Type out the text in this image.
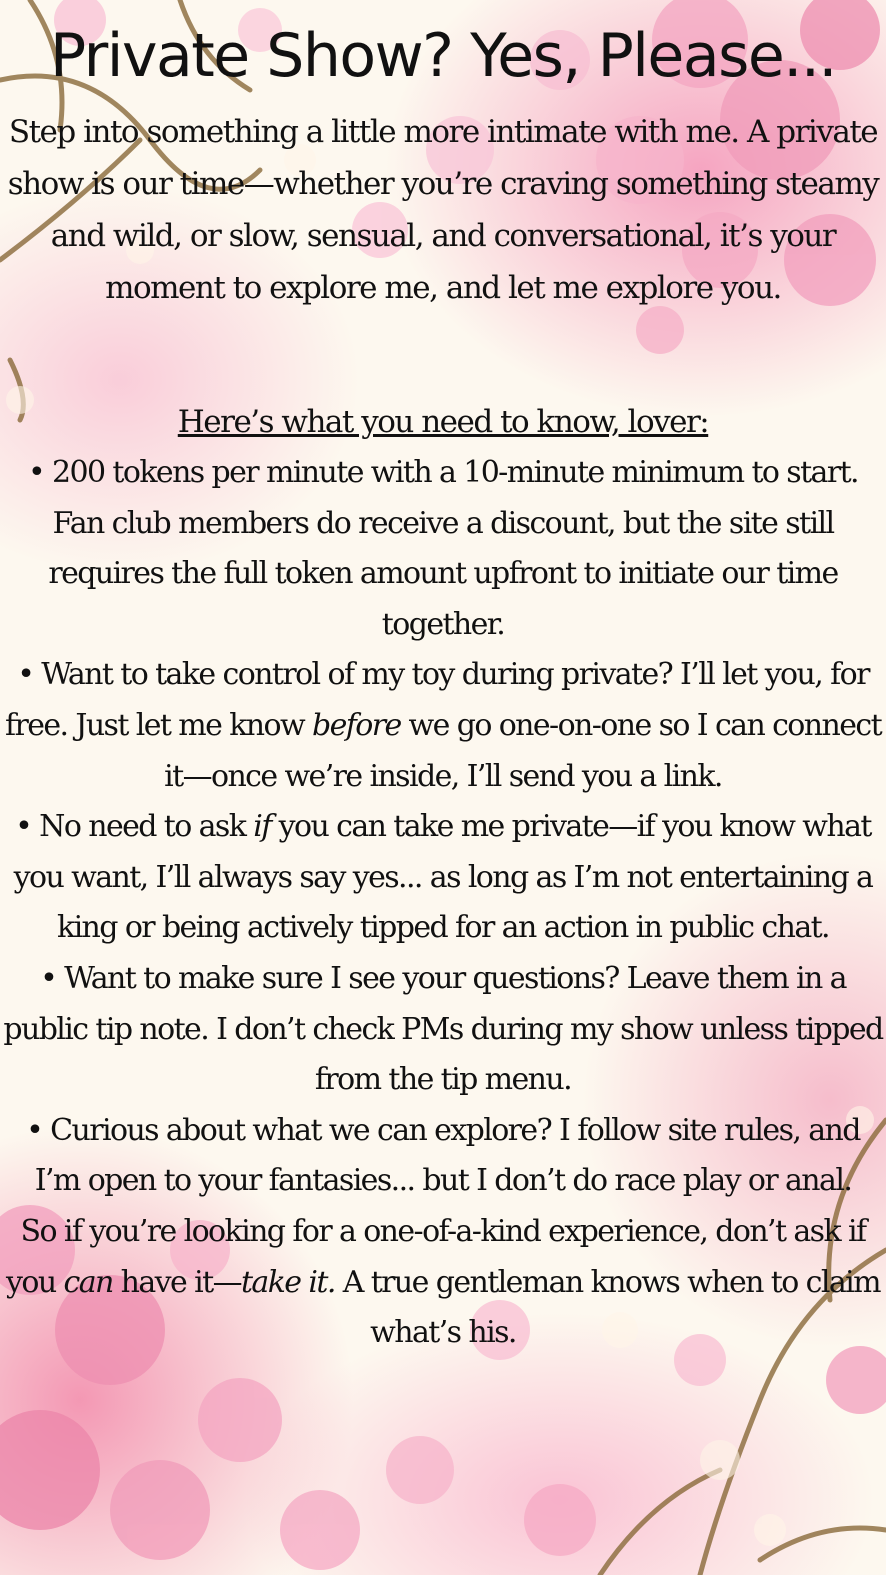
Private Show? Yes, Please...

Step into something a little more intimate with me. A private show is our time—whether you’re craving something steamy and wild, or slow, sensual, and conversational, it’s your moment to explore me, and let me explore you.

Here’s what you need to know, lover:

• 200 tokens per minute with a 10-minute minimum to start. Fan club members do receive a discount, but the site still requires the full token amount upfront to initiate our time together.

• Want to take control of my toy during private? I’ll let you, for free. Just let me know before we go one-on-one so I can connect it—once we’re inside, I’ll send you a link.

• No need to ask if you can take me private—if you know what you want, I’ll always say yes... as long as I’m not entertaining a king or being actively tipped for an action in public chat.

• Want to make sure I see your questions? Leave them in a public tip note. I don’t check PMs during my show unless tipped from the tip menu.

• Curious about what we can explore? I follow site rules, and I’m open to your fantasies... but I don’t do race play or anal.

So if you’re looking for a one-of-a-kind experience, don’t ask if you can have it—take it. A true gentleman knows when to claim what’s his.
